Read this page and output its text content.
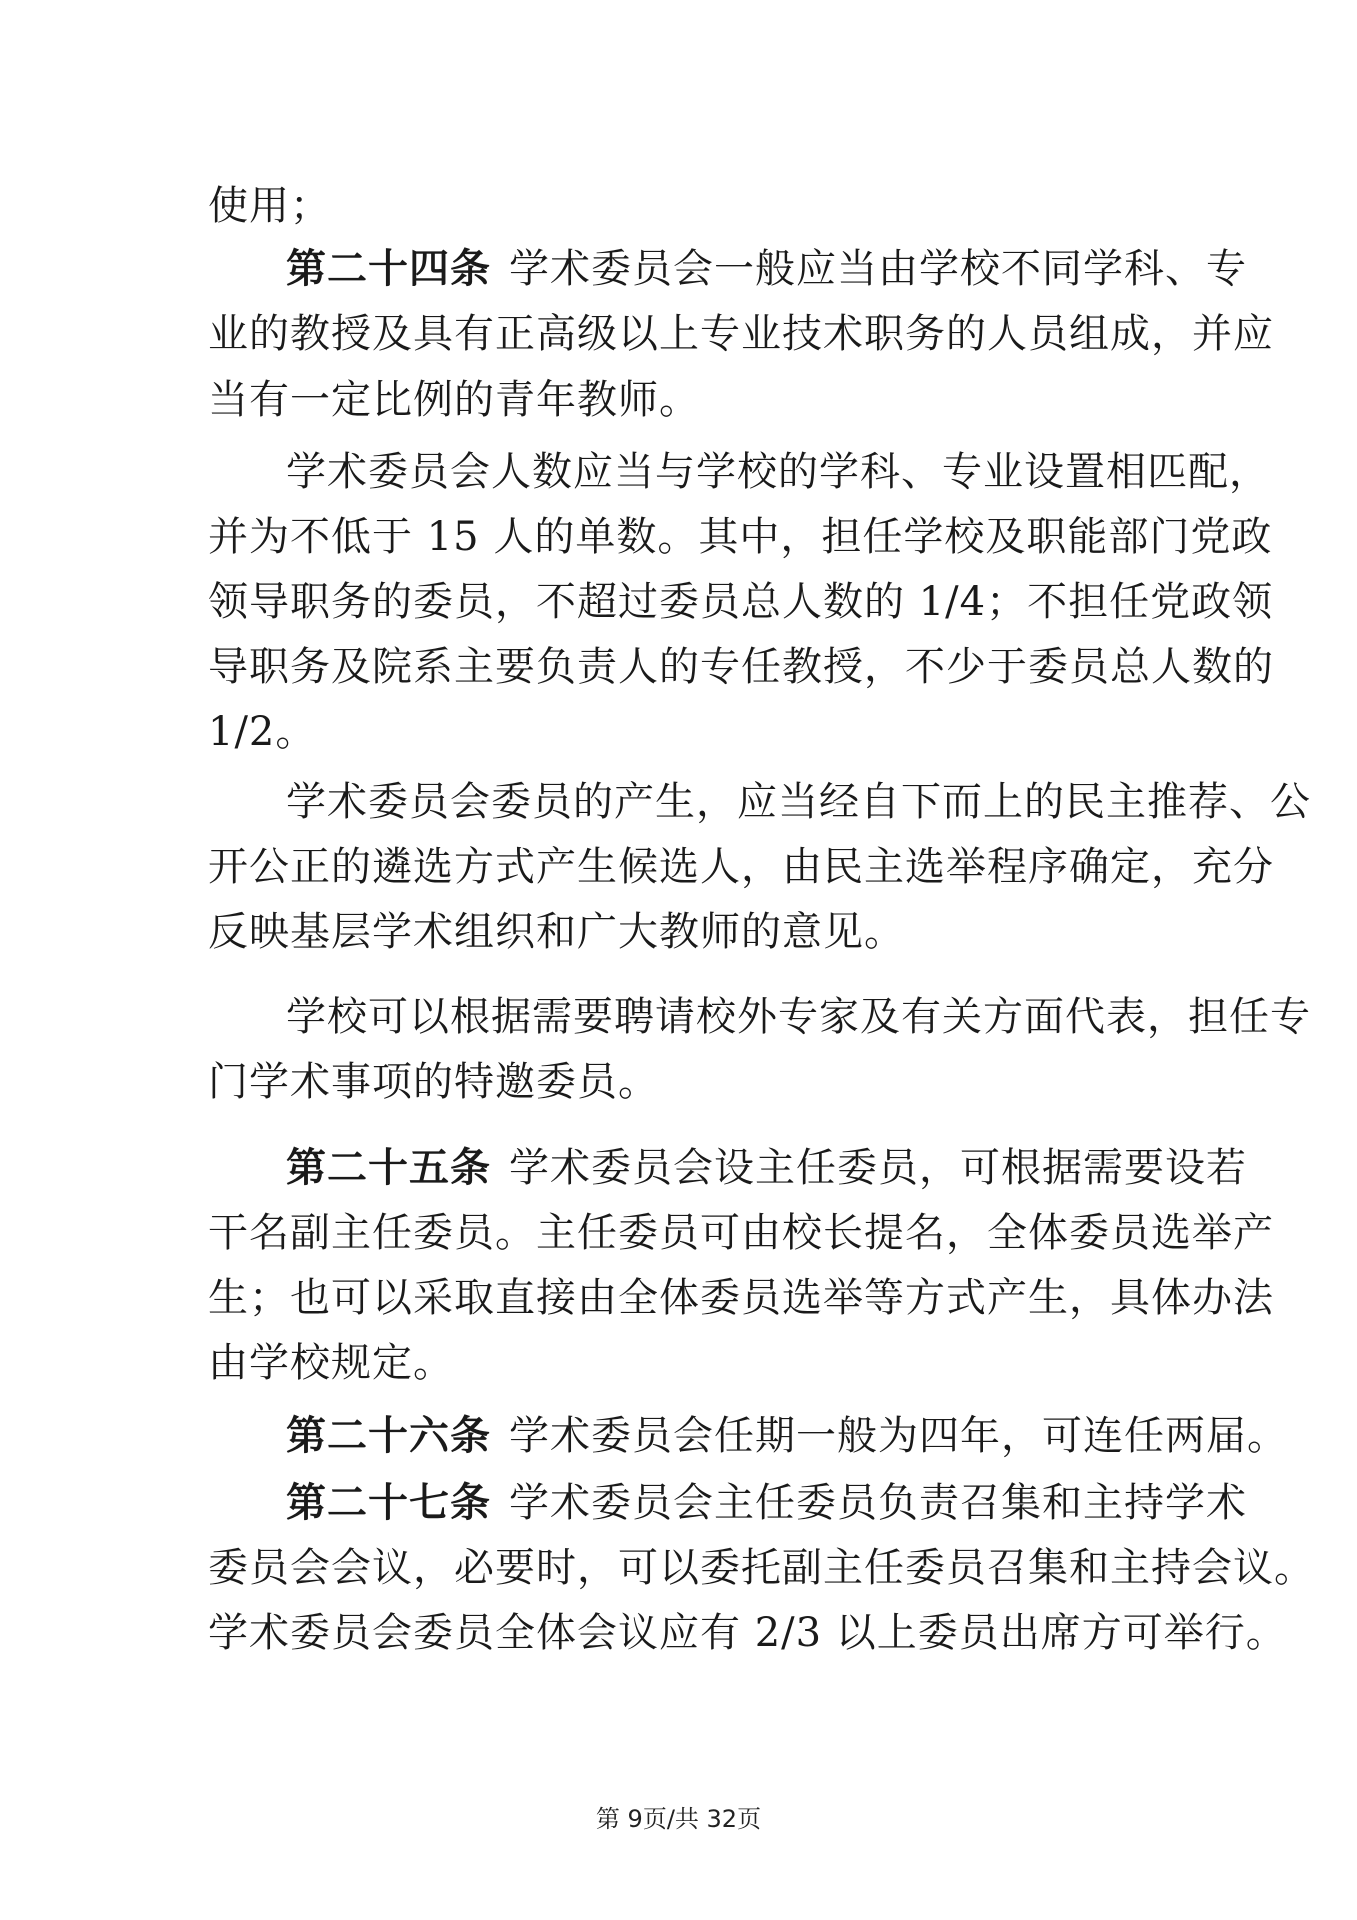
使用；
第二十四条 学术委员会一般应当由学校不同学科、专
业的教授及具有正高级以上专业技术职务的人员组成，并应
当有一定比例的青年教师。
学术委员会人数应当与学校的学科、专业设置相匹配，
并为不低于 15 人的单数。其中，担任学校及职能部门党政
领导职务的委员，不超过委员总人数的 1/4；不担任党政领
导职务及院系主要负责人的专任教授，不少于委员总人数的
1/2。
学术委员会委员的产生，应当经自下而上的民主推荐、公
开公正的遴选方式产生候选人，由民主选举程序确定，充分
反映基层学术组织和广大教师的意见。
学校可以根据需要聘请校外专家及有关方面代表，担任专
门学术事项的特邀委员。
第二十五条 学术委员会设主任委员，可根据需要设若
干名副主任委员。主任委员可由校长提名，全体委员选举产
生；也可以采取直接由全体委员选举等方式产生，具体办法
由学校规定。
第二十六条 学术委员会任期一般为四年，可连任两届。
第二十七条 学术委员会主任委员负责召集和主持学术
委员会会议，必要时，可以委托副主任委员召集和主持会议。
学术委员会委员全体会议应有 2/3 以上委员出席方可举行。
第 9页/共 32页
